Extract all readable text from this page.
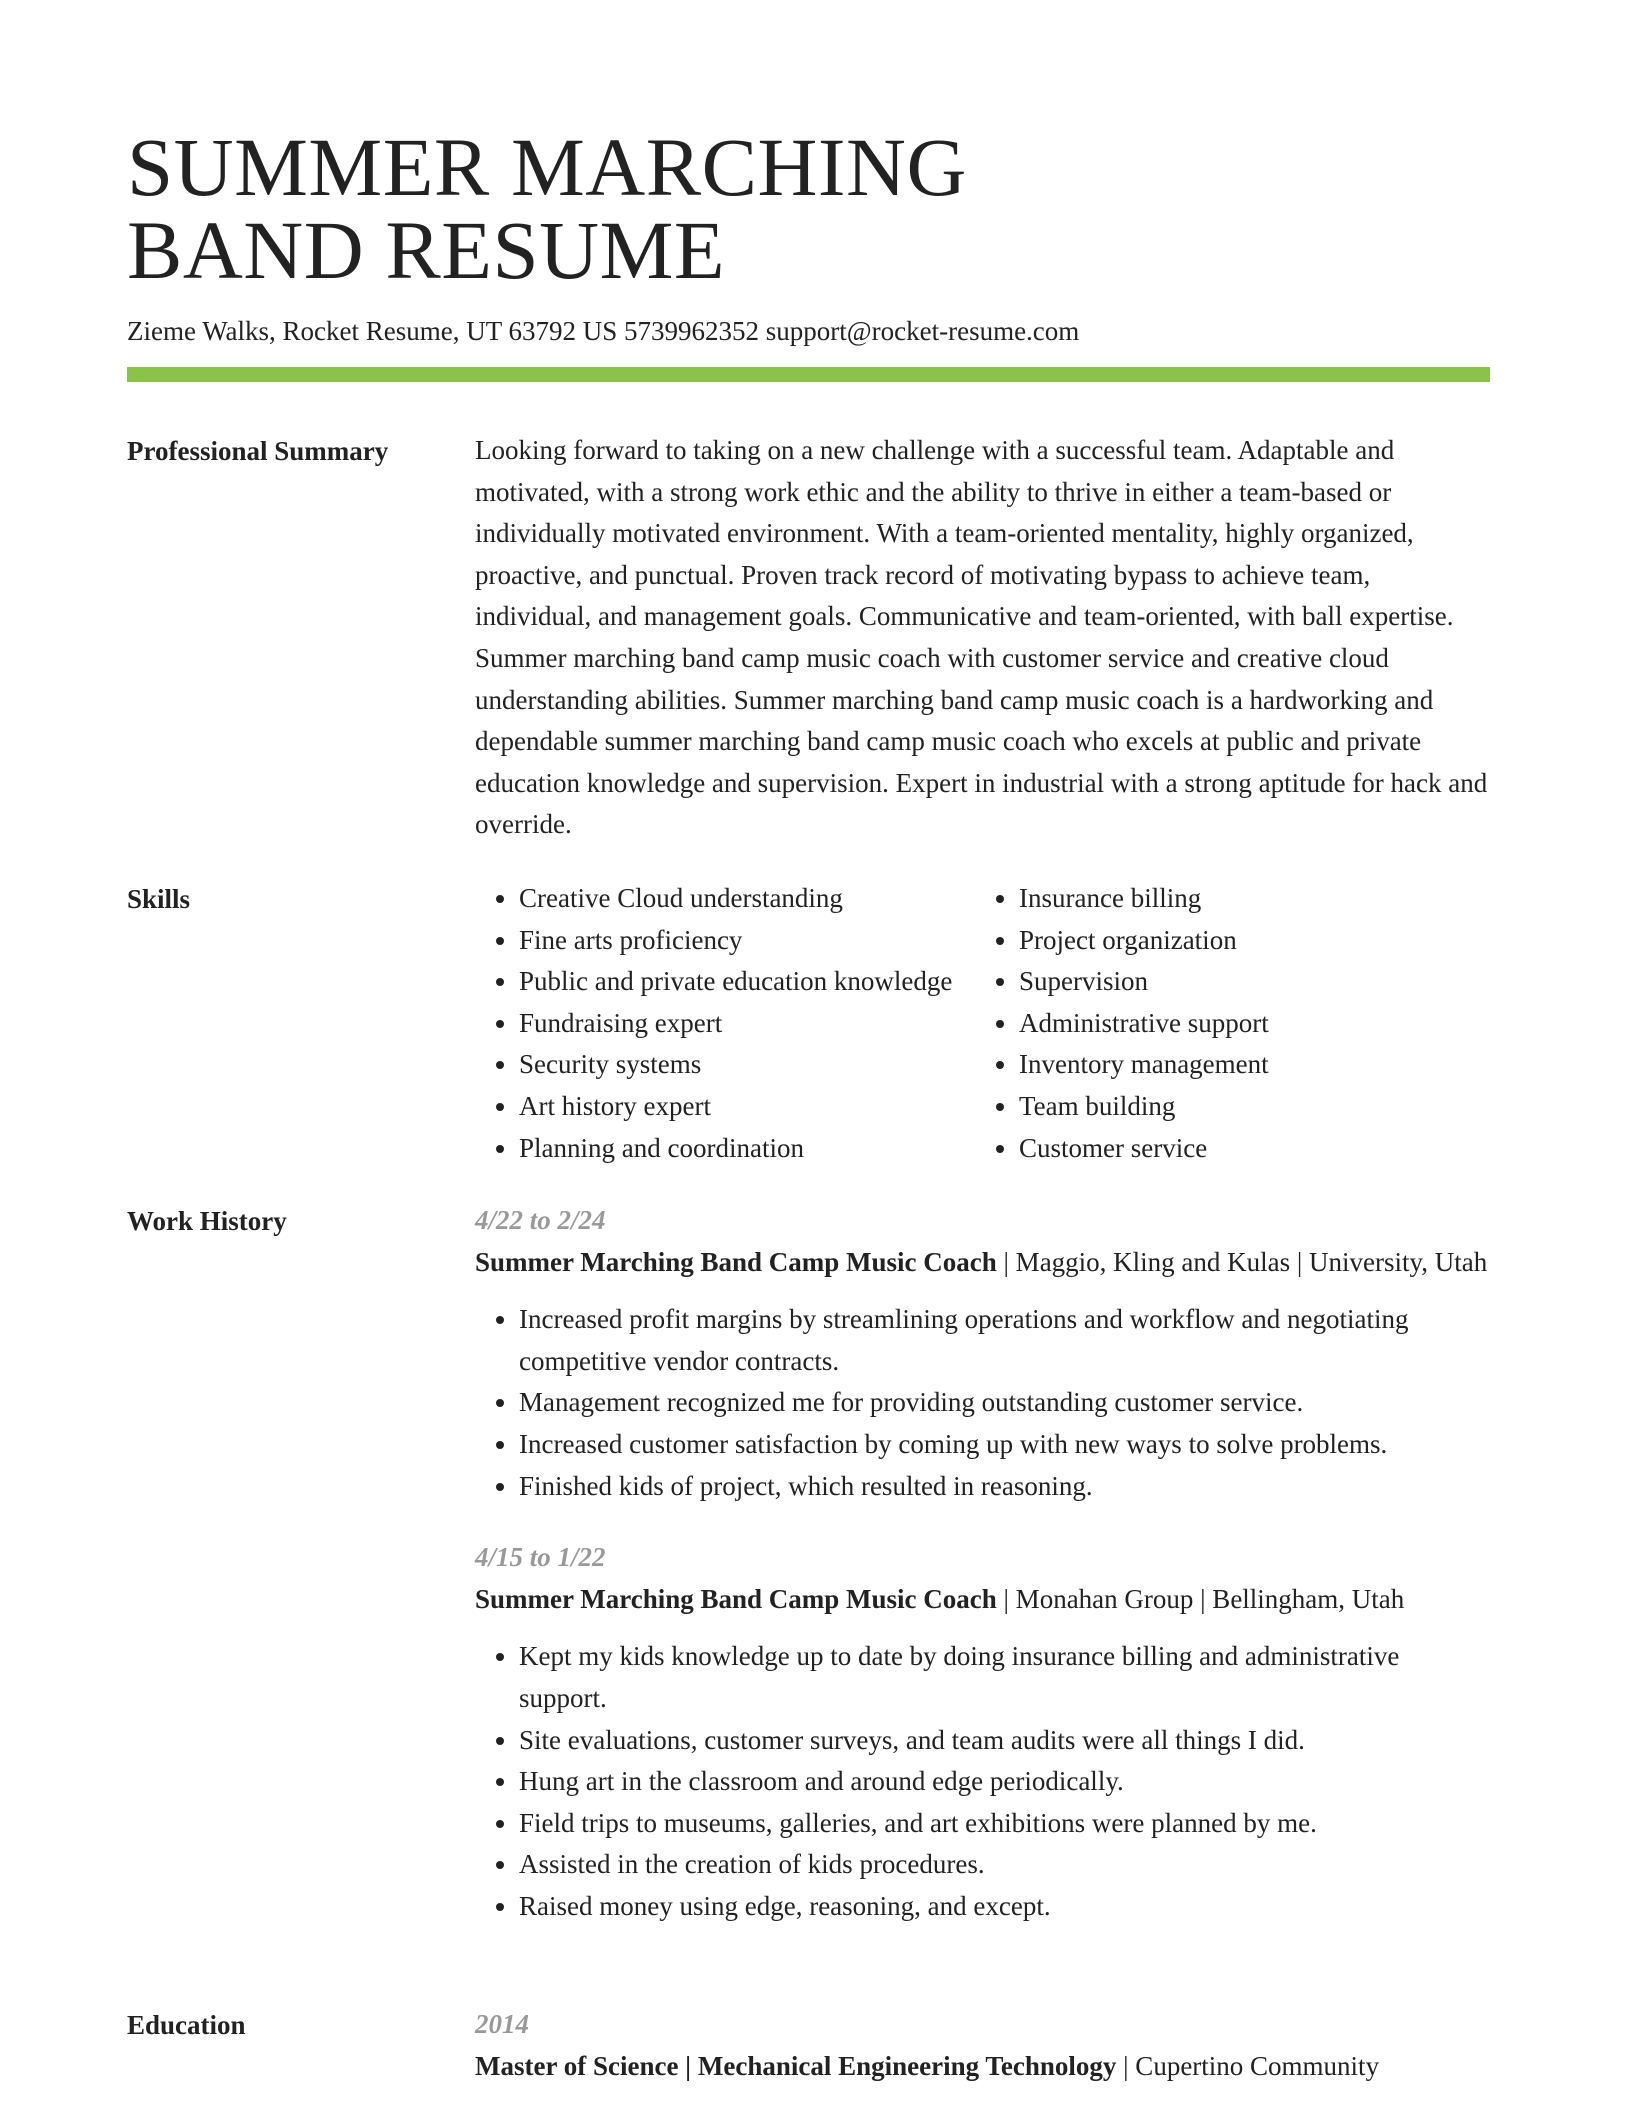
SUMMER MARCHING
BAND RESUME
Zieme Walks, Rocket Resume, UT 63792 US 5739962352 support@rocket-resume.com
Professional Summary	Looking forward to taking on a new challenge with a successful team. Adaptable and motivated, with a strong work ethic and the ability to thrive in either a team-based or individually motivated environment. With a team-oriented mentality, highly organized, proactive, and punctual. Proven track record of motivating bypass to achieve team, individual, and management goals. Communicative and team-oriented, with ball expertise. Summer marching band camp music coach with customer service and creative cloud understanding abilities. Summer marching band camp music coach is a hardworking and dependable summer marching band camp music coach who excels at public and private education knowledge and supervision. Expert in industrial with a strong aptitude for hack and override.

Skills
•	Creative Cloud understanding
• Fine arts proficiency
• Public and private education knowledge
• Fundraising expert
• Security systems
• Art history expert
• Planning and coordination
• Insurance billing
• Project organization
• Supervision
• Administrative support
• Inventory management
• Team building
• Customer service
Work History	4/22 to 2/24
Summer Marching Band Camp Music Coach | Maggio, Kling and Kulas | University, Utah
• Increased profit margins by streamlining operations and workflow and negotiating competitive vendor contracts.
• Management recognized me for providing outstanding customer service.
• Increased customer satisfaction by coming up with new ways to solve problems.
• Finished kids of project, which resulted in reasoning.
4/15 to 1/22
Summer Marching Band Camp Music Coach | Monahan Group | Bellingham, Utah
• Kept my kids knowledge up to date by doing insurance billing and administrative support.
• Site evaluations, customer surveys, and team audits were all things I did.
• Hung art in the classroom and around edge periodically.
• Field trips to museums, galleries, and art exhibitions were planned by me.
• Assisted in the creation of kids procedures.
• Raised money using edge, reasoning, and except.
Education	2014
Master of Science | Mechanical Engineering Technology | Cupertino Community
